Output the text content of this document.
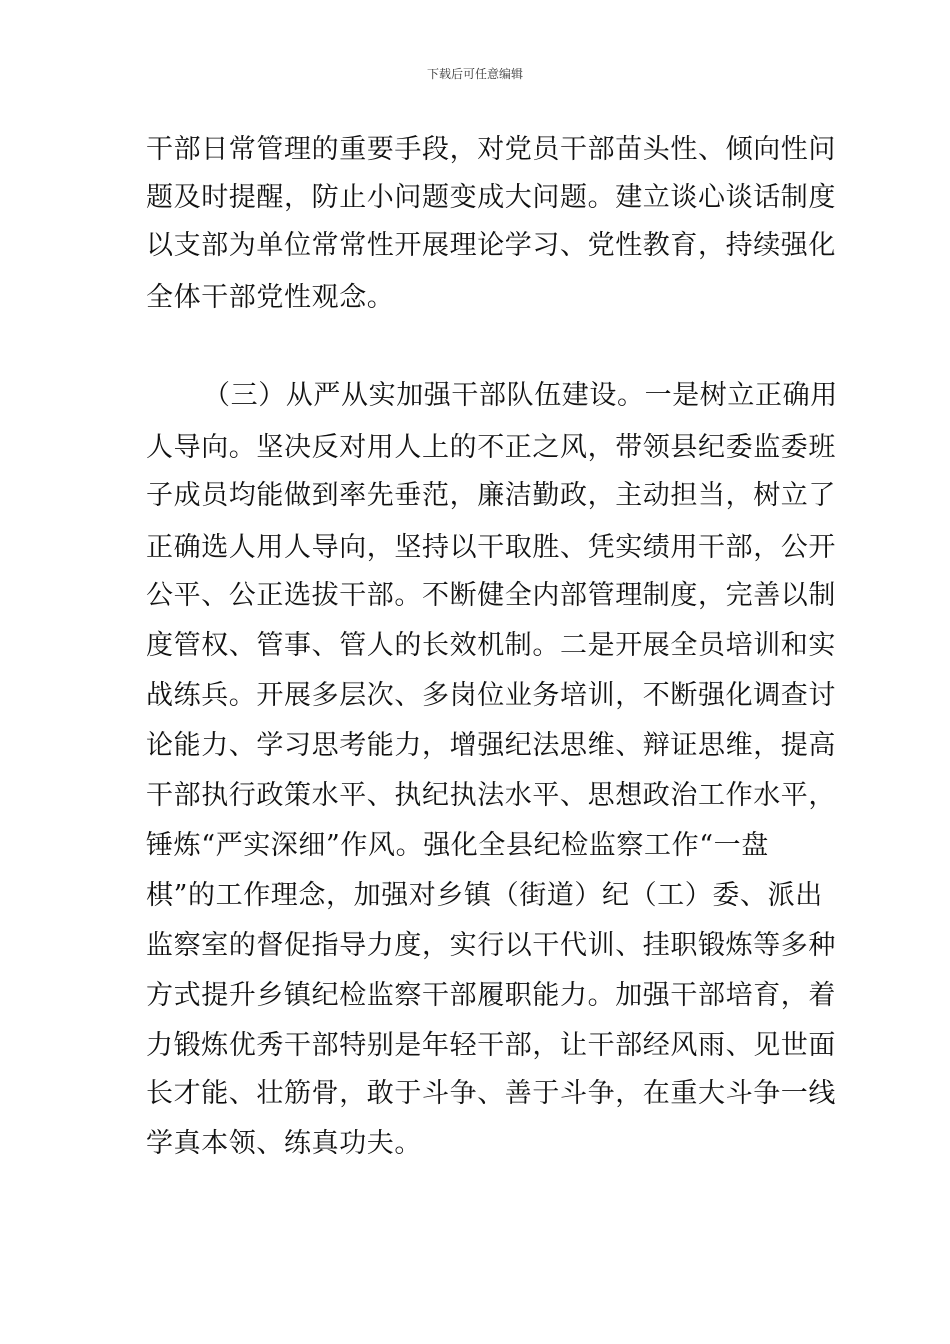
下载后可任意编辑
干部日常管理的重要手段，对党员干部苗头性、倾向性问
题及时提醒，防止小问题变成大问题。建立谈心谈话制度
以支部为单位常常性开展理论学习、党性教育，持续强化
全体干部党性观念。
（三）从严从实加强干部队伍建设。一是树立正确用
人导向。坚决反对用人上的不正之风，带领县纪委监委班
子成员均能做到率先垂范，廉洁勤政，主动担当，树立了
正确选人用人导向，坚持以干取胜、凭实绩用干部，公开
公平、公正选拔干部。不断健全内部管理制度，完善以制
度管权、管事、管人的长效机制。二是开展全员培训和实
战练兵。开展多层次、多岗位业务培训，不断强化调查讨
论能力、学习思考能力，增强纪法思维、辩证思维，提高
干部执行政策水平、执纪执法水平、思想政治工作水平，
锤炼“严实深细”作风。强化全县纪检监察工作“一盘
棋”的工作理念，加强对乡镇（街道）纪（工）委、派出
监察室的督促指导力度，实行以干代训、挂职锻炼等多种
方式提升乡镇纪检监察干部履职能力。加强干部培育，着
力锻炼优秀干部特别是年轻干部，让干部经风雨、见世面
长才能、壮筋骨，敢于斗争、善于斗争，在重大斗争一线
学真本领、练真功夫。
